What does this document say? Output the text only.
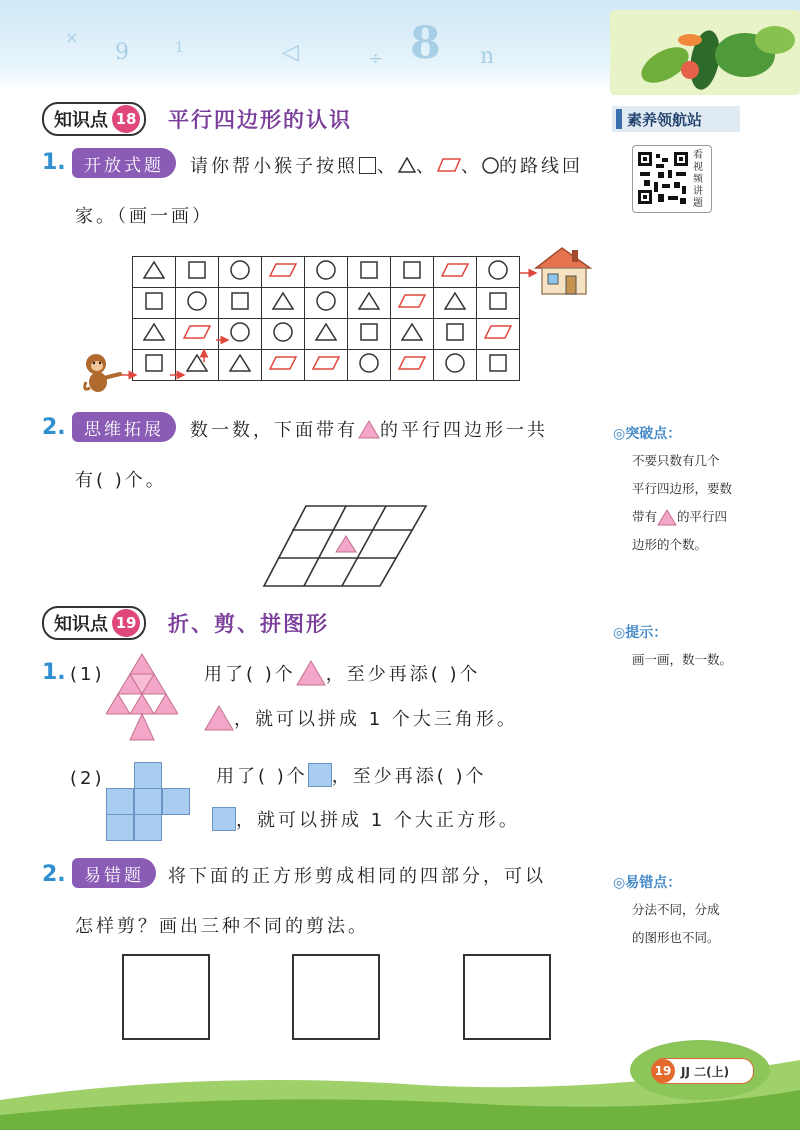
×
9	÷ 8 n
◁
1
知识点 18 平行四边形的认识	素养领航站
看
视
频
讲
题
1.	开放式题	请你帮小猴子按照 、 、 、 的路线回
家。（画一画）

2.	思维拓展	数一数，下面带有 的平行四边形一共
有( )个。
◎突破点：
不要只数有几个
平行四边形，要数
带有 的平行四
边形的个数。
知识点 19 折、剪、拼图形	◎提示：
画一画，数一数。
1. (1)	用了( )个 ，至少再添( )个
，就可以拼成 1 个大三角形。
(2)	用了( )个 ，至少再添( )个
，就可以拼成 1 个大正方形。
2.	易错题	将下面的正方形剪成相同的四部分，可以
怎样剪？画出三种不同的剪法。
◎易错点：
分法不同，分成
的图形也不同。
19 JJ 二(上)
